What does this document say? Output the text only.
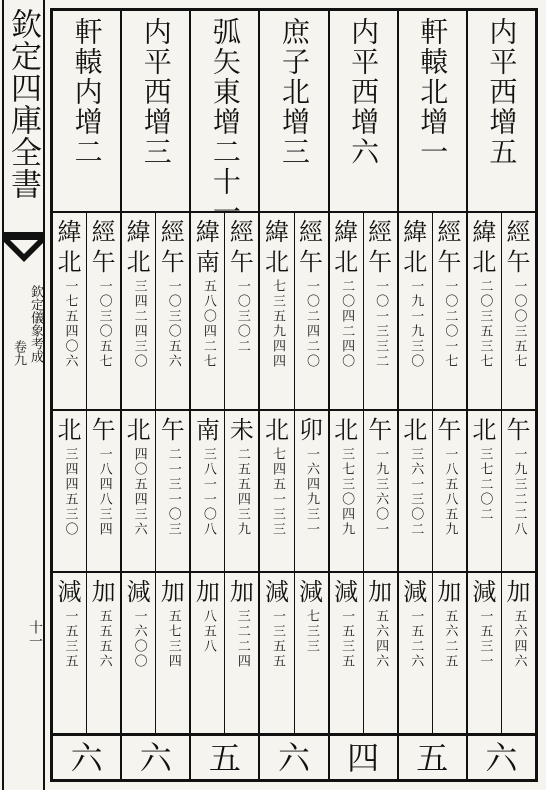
欽定四庫全書
欽定儀象考成
卷九
十一
内平西增五
經
午
一〇〇三五七
緯
北
二〇三五三七
午
一九三二二八
北
三七二〇二
加
五六四六
減
一五三一
六
軒轅北增一
經
午
一〇二〇一七
緯
北
一九一九三〇
午
一八五八五九
北
三六一三〇二
加
五六二五
減
一五二六
五
内平西增六
經
午
一〇一三三二
緯
北
二〇四二四〇
午
一九三六〇一
北
三七三〇四九
加
五六四六
減
一五三五
四
庶子北增三
經
午
一〇二四二〇
緯
北
七三五九四四
卯
一六四九三一
北
七四五一三三
減
七三三
減
一三五五
六
弧矢東增二十一
經
午
一〇三〇二
緯
南
五八〇四二七
未
二五五四三九
南
三八一一〇八
加
三二二四
加
八五八
五
内平西增三
經
午
一〇三〇五六
緯
北
三四二四三〇
午
二一三一〇三
北
四〇五四三六
加
五七三四
減
一六〇〇
六
軒轅内增二
經
午
一〇三〇五七
緯
北
一七五四〇六
午
一八四八三四
北
三四四五三〇
加
五五五六
減
一五三五
六
